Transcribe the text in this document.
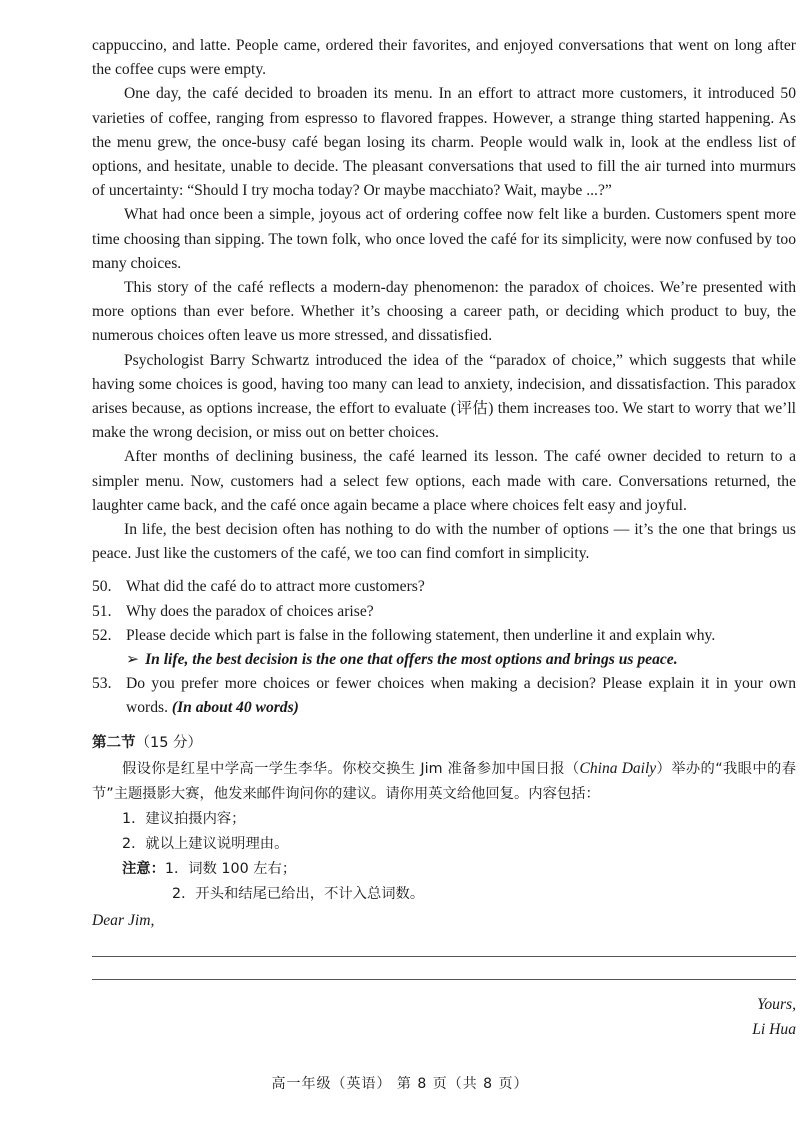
cappuccino, and latte. People came, ordered their favorites, and enjoyed conversations that went on long after the coffee cups were empty.

One day, the café decided to broaden its menu. In an effort to attract more customers, it introduced 50 varieties of coffee, ranging from espresso to flavored frappes. However, a strange thing started happening. As the menu grew, the once-busy café began losing its charm. People would walk in, look at the endless list of options, and hesitate, unable to decide. The pleasant conversations that used to fill the air turned into murmurs of uncertainty: “Should I try mocha today? Or maybe macchiato? Wait, maybe ...?”

What had once been a simple, joyous act of ordering coffee now felt like a burden. Customers spent more time choosing than sipping. The town folk, who once loved the café for its simplicity, were now confused by too many choices.

This story of the café reflects a modern-day phenomenon: the paradox of choices. We’re presented with more options than ever before. Whether it’s choosing a career path, or deciding which product to buy, the numerous choices often leave us more stressed, and dissatisfied.

Psychologist Barry Schwartz introduced the idea of the “paradox of choice,” which suggests that while having some choices is good, having too many can lead to anxiety, indecision, and dissatisfaction. This paradox arises because, as options increase, the effort to evaluate (评估) them increases too. We start to worry that we’ll make the wrong decision, or miss out on better choices.

After months of declining business, the café learned its lesson. The café owner decided to return to a simpler menu. Now, customers had a select few options, each made with care. Conversations returned, the laughter came back, and the café once again became a place where choices felt easy and joyful.

In life, the best decision often has nothing to do with the number of options — it’s the one that brings us peace. Just like the customers of the café, we too can find comfort in simplicity.

50. What did the café do to attract more customers?
51. Why does the paradox of choices arise?
52. Please decide which part is false in the following statement, then underline it and explain why.
➢ In life, the best decision is the one that offers the most options and brings us peace.
53. Do you prefer more choices or fewer choices when making a decision? Please explain it in your own words. (In about 40 words)
第二节（15 分）

假设你是红星中学高一学生李华。你校交换生 Jim 准备参加中国日报（China Daily）举办的“我眼中的春节”主题摄影大赛，他发来邮件询问你的建议。请你用英文给他回复。内容包括：

1．建议拍摄内容；
2．就以上建议说明理由。
注意：1．词数 100 左右；
2．开头和结尾已给出，不计入总词数。
Dear Jim,
Yours,
Li Hua
高一年级（英语） 第 8 页（共 8 页）
